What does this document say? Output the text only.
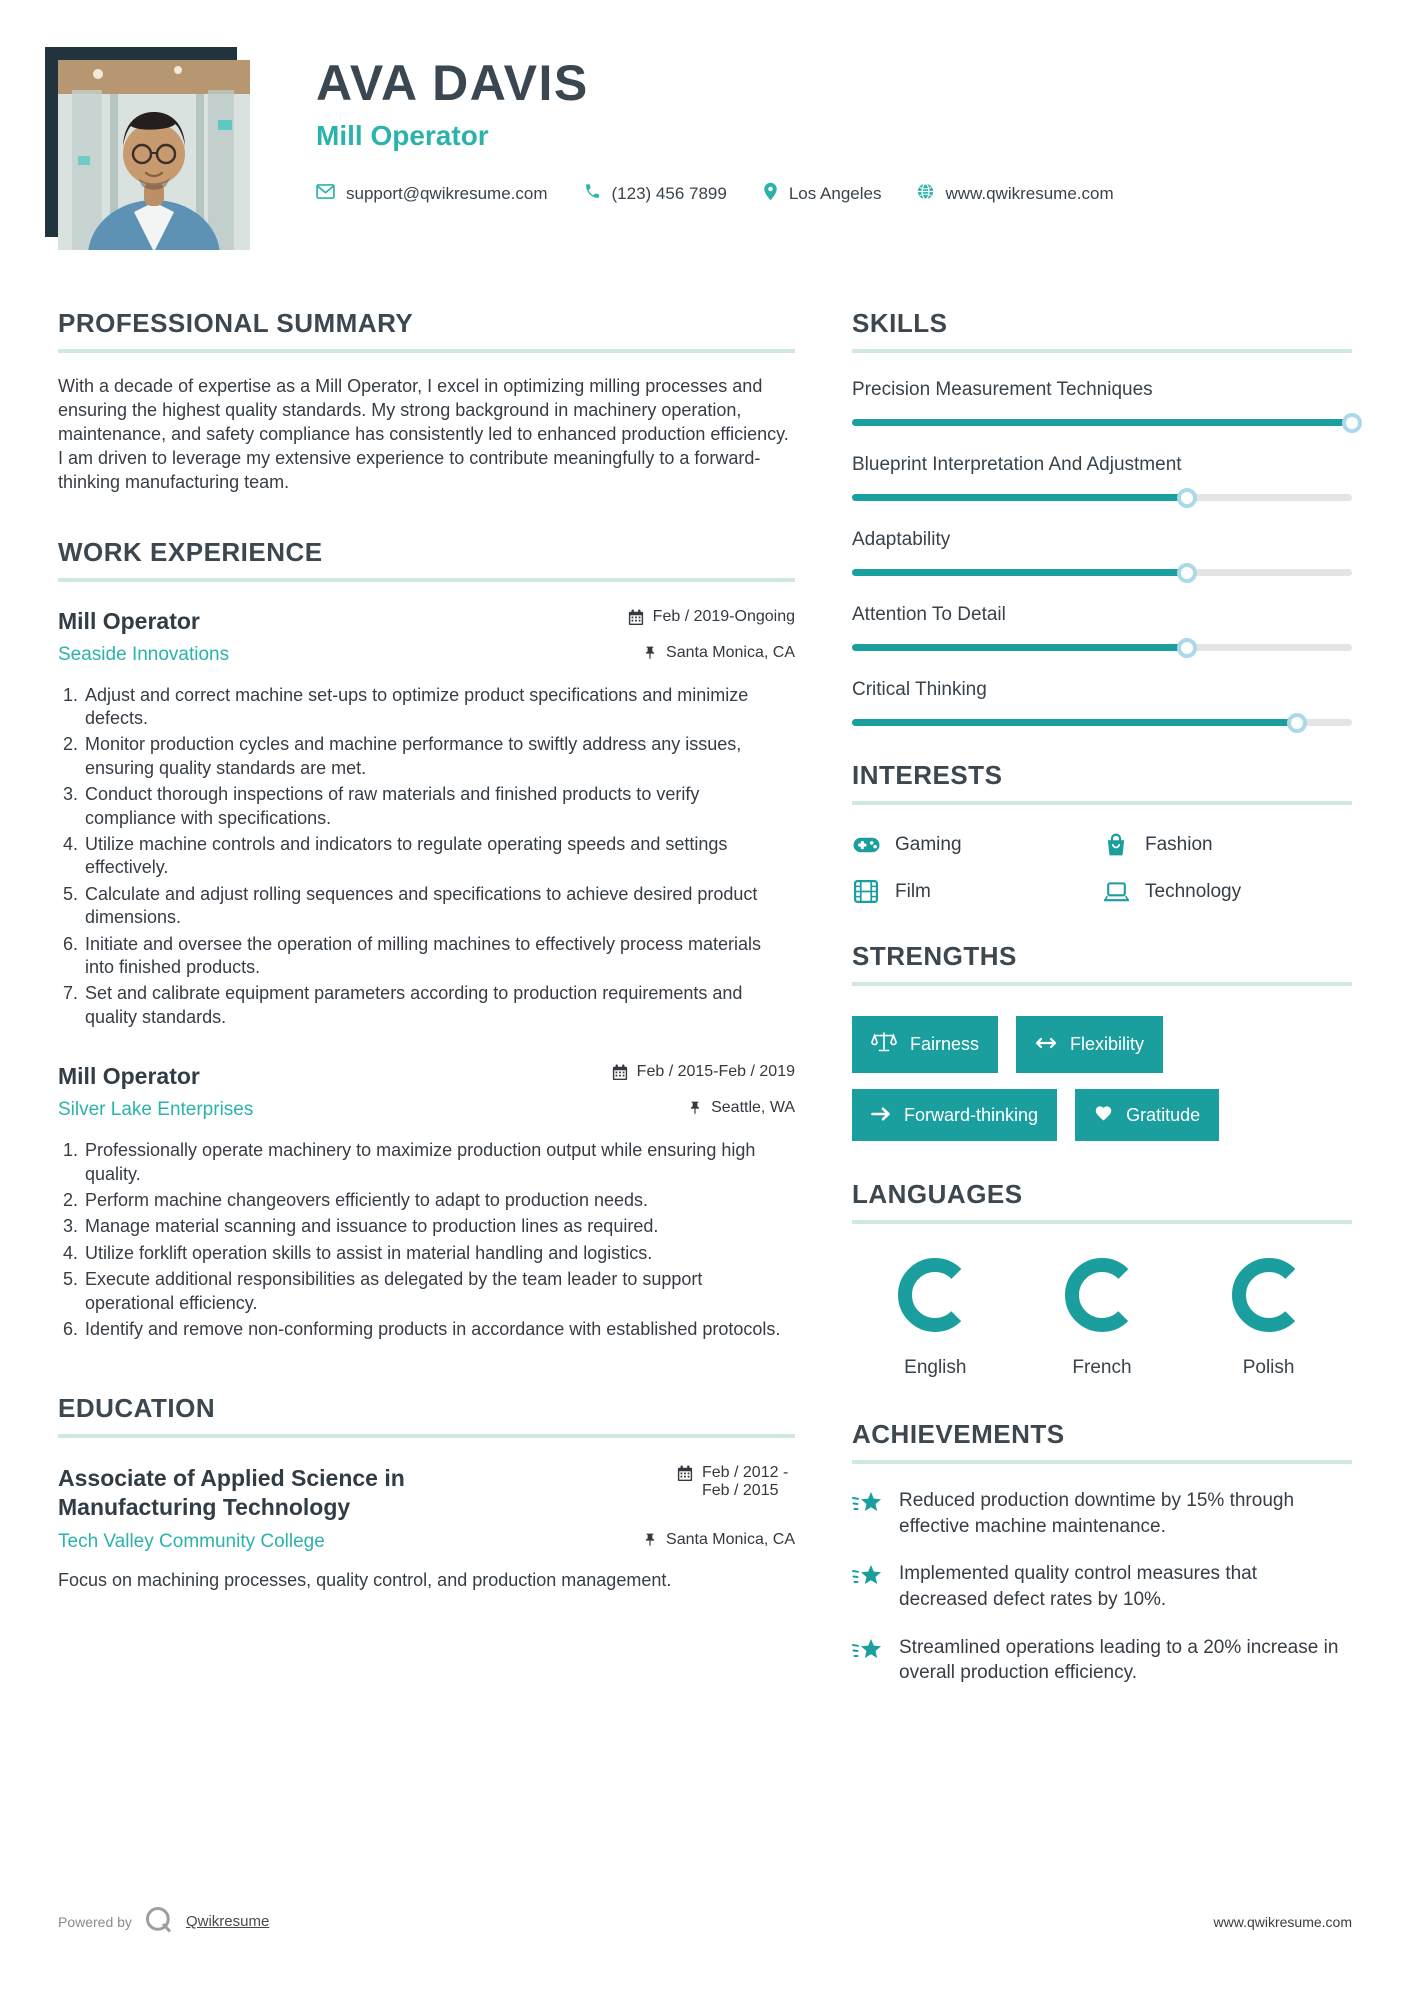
AVA DAVIS
Mill Operator
support@qwikresume.com	(123) 456 7899	Los Angeles	www.qwikresume.com
PROFESSIONAL SUMMARY

With a decade of expertise as a Mill Operator, I excel in optimizing milling processes and ensuring the highest quality standards. My strong background in machinery operation, maintenance, and safety compliance has consistently led to enhanced production efficiency. I am driven to leverage my extensive experience to contribute meaningfully to a forward-thinking manufacturing team.

WORK EXPERIENCE
Mill Operator	Feb / 2019-Ongoing
Seaside Innovations	Santa Monica, CA
1. Adjust and correct machine set-ups to optimize product specifications and minimize defects.
2. Monitor production cycles and machine performance to swiftly address any issues, ensuring quality standards are met.
3. Conduct thorough inspections of raw materials and finished products to verify compliance with specifications.
4. Utilize machine controls and indicators to regulate operating speeds and settings effectively.
5. Calculate and adjust rolling sequences and specifications to achieve desired product dimensions.
6. Initiate and oversee the operation of milling machines to effectively process materials into finished products.
7. Set and calibrate equipment parameters according to production requirements and quality standards.
Mill Operator	Feb / 2015-Feb / 2019
Silver Lake Enterprises	Seattle, WA
1. Professionally operate machinery to maximize production output while ensuring high quality.
2. Perform machine changeovers efficiently to adapt to production needs.
3. Manage material scanning and issuance to production lines as required.
4. Utilize forklift operation skills to assist in material handling and logistics.
5. Execute additional responsibilities as delegated by the team leader to support operational efficiency.
6. Identify and remove non-conforming products in accordance with established protocols.
EDUCATION
Associate of Applied Science in Manufacturing Technology
Feb / 2012 - Feb / 2015
Tech Valley Community College	Santa Monica, CA
Focus on machining processes, quality control, and production management.
SKILLS
Precision Measurement Techniques
Blueprint Interpretation And Adjustment
Adaptability
Attention To Detail
Critical Thinking
INTERESTS
Gaming	Fashion
Film	Technology
STRENGTHS
Fairness	Flexibility
Forward-thinking	Gratitude
LANGUAGES
English	French	Polish
ACHIEVEMENTS
Reduced production downtime by 15% through effective machine maintenance.
Implemented quality control measures that decreased defect rates by 10%.
Streamlined operations leading to a 20% increase in overall production efficiency.
Powered by	Qwikresume	www.qwikresume.com
